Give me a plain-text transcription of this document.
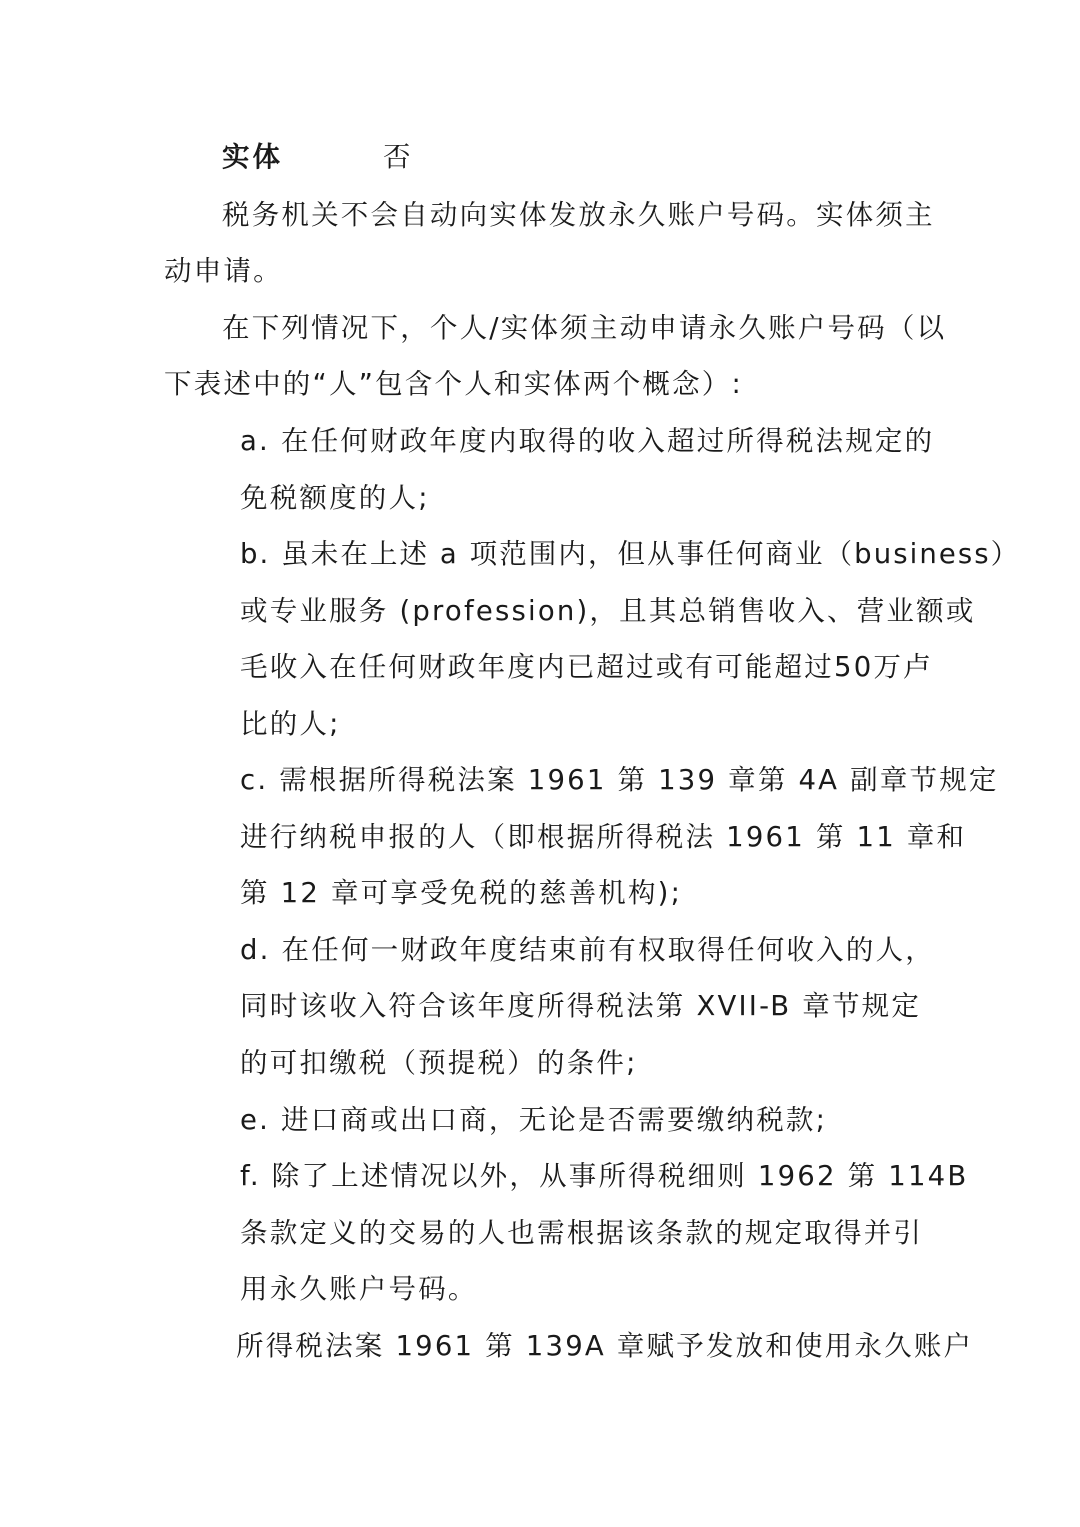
实体	否
税务机关不会自动向实体发放永久账户号码。实体须主
动申请。
在下列情况下，个人/实体须主动申请永久账户号码（以
下表述中的“人”包含个人和实体两个概念）:
a. 在任何财政年度内取得的收入超过所得税法规定的
免税额度的人;
b. 虽未在上述 a 项范围内，但从事任何商业（business）
或专业服务 (profession)，且其总销售收入、营业额或
毛收入在任何财政年度内已超过或有可能超过50万卢
比的人;
c. 需根据所得税法案 1961 第 139 章第 4A 副章节规定
进行纳税申报的人（即根据所得税法 1961 第 11 章和
第 12 章可享受免税的慈善机构);
d. 在任何一财政年度结束前有权取得任何收入的人，
同时该收入符合该年度所得税法第 XVII-B 章节规定
的可扣缴税（预提税）的条件;
e. 进口商或出口商，无论是否需要缴纳税款;
f. 除了上述情况以外，从事所得税细则 1962 第 114B
条款定义的交易的人也需根据该条款的规定取得并引
用永久账户号码。
所得税法案 1961 第 139A 章赋予发放和使用永久账户
